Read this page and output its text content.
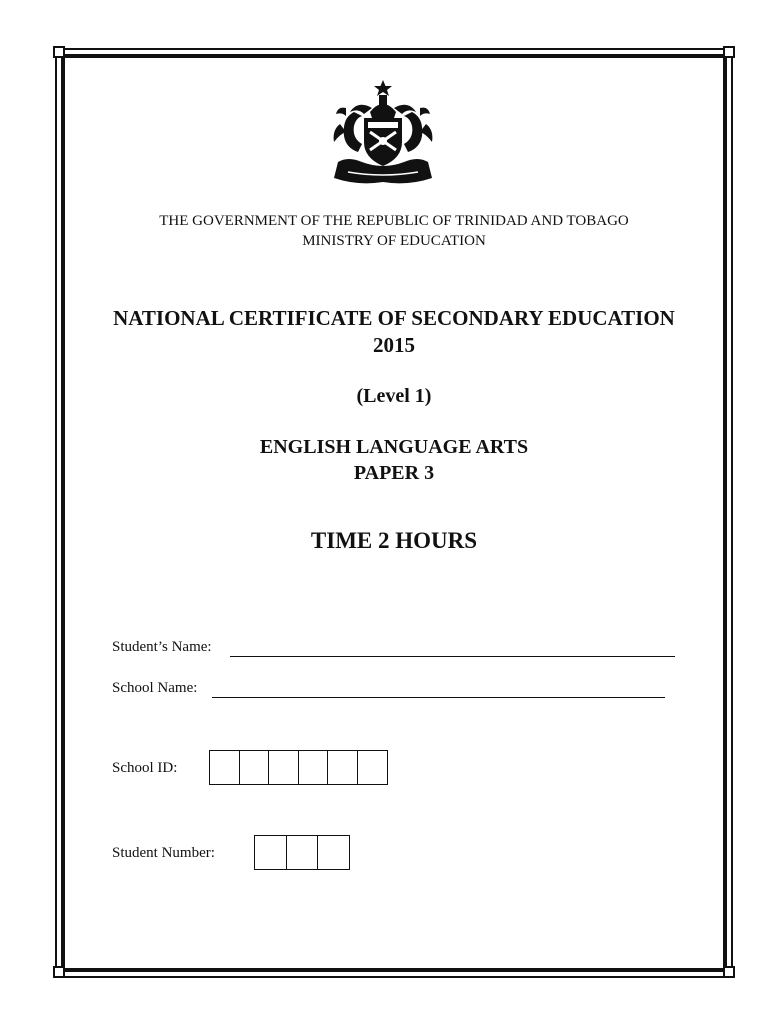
THE GOVERNMENT OF THE REPUBLIC OF TRINIDAD AND TOBAGO
MINISTRY OF EDUCATION
NATIONAL CERTIFICATE OF SECONDARY EDUCATION
2015
(Level 1)
ENGLISH LANGUAGE ARTS
PAPER 3
TIME 2 HOURS
Student’s Name:
School Name:
School ID:
Student Number:
